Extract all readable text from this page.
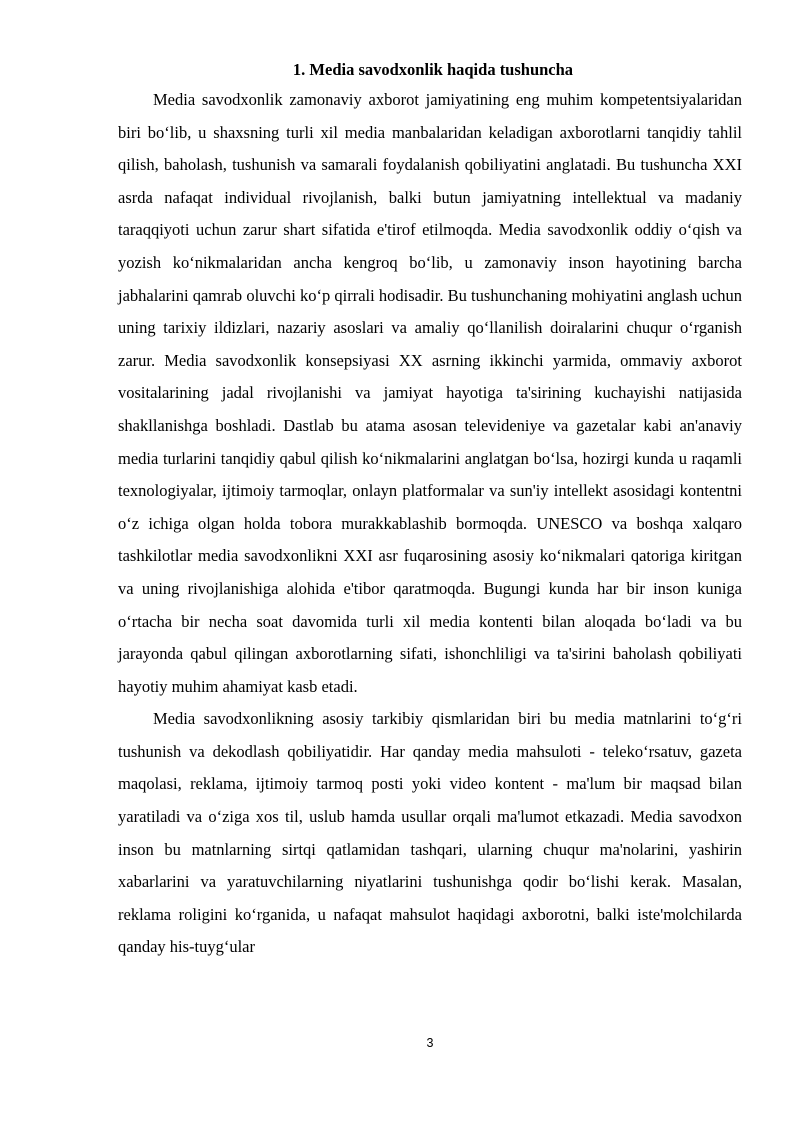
1. Media savodxonlik haqida tushuncha

Media savodxonlik zamonaviy axborot jamiyatining eng muhim kompetentsiyalaridan biri boʻlib, u shaxsning turli xil media manbalaridan keladigan axborotlarni tanqidiy tahlil qilish, baholash, tushunish va samarali foydalanish qobiliyatini anglatadi. Bu tushuncha XXI asrda nafaqat individual rivojlanish, balki butun jamiyatning intellektual va madaniy taraqqiyoti uchun zarur shart sifatida e'tirof etilmoqda. Media savodxonlik oddiy oʻqish va yozish koʻnikmalaridan ancha kengroq boʻlib, u zamonaviy inson hayotining barcha jabhalarini qamrab oluvchi koʻp qirrali hodisadir. Bu tushunchaning mohiyatini anglash uchun uning tarixiy ildizlari, nazariy asoslari va amaliy qoʻllanilish doiralarini chuqur oʻrganish zarur. Media savodxonlik konsepsiyasi XX asrning ikkinchi yarmida, ommaviy axborot vositalarining jadal rivojlanishi va jamiyat hayotiga ta'sirining kuchayishi natijasida shakllanishga boshladi. Dastlab bu atama asosan televideniye va gazetalar kabi an'anaviy media turlarini tanqidiy qabul qilish koʻnikmalarini anglatgan boʻlsa, hozirgi kunda u raqamli texnologiyalar, ijtimoiy tarmoqlar, onlayn platformalar va sun'iy intellekt asosidagi kontentni oʻz ichiga olgan holda tobora murakkablashib bormoqda. UNESCO va boshqa xalqaro tashkilotlar media savodxonlikni XXI asr fuqarosining asosiy koʻnikmalari qatoriga kiritgan va uning rivojlanishiga alohida e'tibor qaratmoqda. Bugungi kunda har bir inson kuniga oʻrtacha bir necha soat davomida turli xil media kontenti bilan aloqada boʻladi va bu jarayonda qabul qilingan axborotlarning sifati, ishonchliligi va ta'sirini baholash qobiliyati hayotiy muhim ahamiyat kasb etadi.

Media savodxonlikning asosiy tarkibiy qismlaridan biri bu media matnlarini toʻgʻri tushunish va dekodlash qobiliyatidir. Har qanday media mahsuloti - telekoʻrsatuv, gazeta maqolasi, reklama, ijtimoiy tarmoq posti yoki video kontent - ma'lum bir maqsad bilan yaratiladi va oʻziga xos til, uslub hamda usullar orqali ma'lumot etkazadi. Media savodxon inson bu matnlarning sirtqi qatlamidan tashqari, ularning chuqur ma'nolarini, yashirin xabarlarini va yaratuvchilarning niyatlarini tushunishga qodir boʻlishi kerak. Masalan, reklama roligini koʻrganida, u nafaqat mahsulot haqidagi axborotni, balki iste'molchilarda qanday his-tuygʻular

3
